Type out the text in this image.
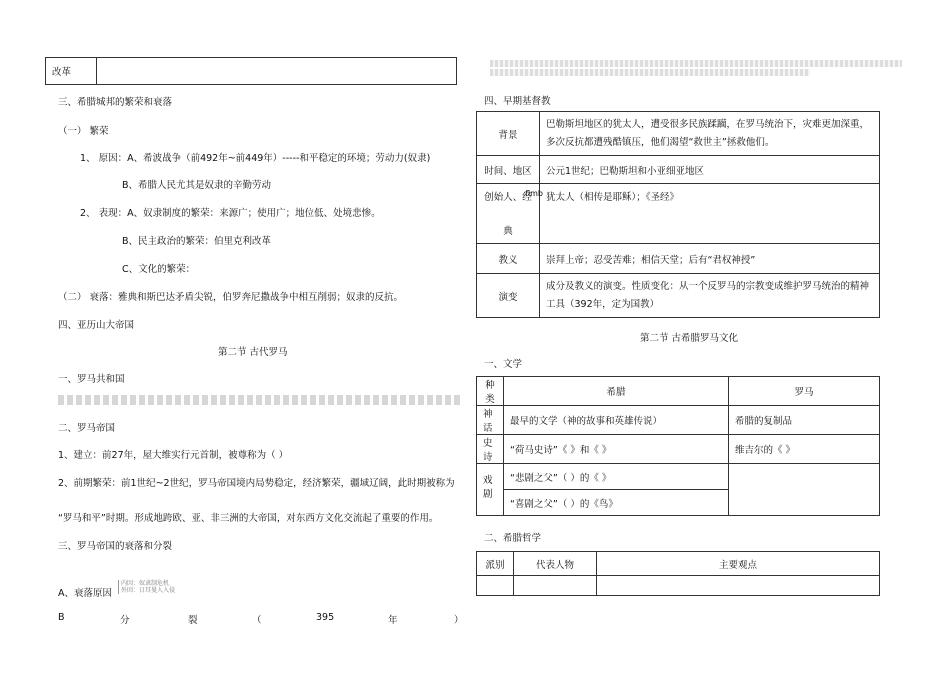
改革	
三、希腊城邦的繁荣和衰落
（一） 繁荣
1、 原因：A、希波战争（前492年~前449年）-----和平稳定的环境；劳动力(奴隶)
B、希腊人民尤其是奴隶的辛勤劳动
2、 表现：A、奴隶制度的繁荣：来源广；使用广；地位低、处境悲惨。
B、民主政治的繁荣：伯里克利改革
C、文化的繁荣：
（二） 衰落：雅典和斯巴达矛盾尖锐，伯罗奔尼撒战争中相互削弱；奴隶的反抗。
四、亚历山大帝国
第二节 古代罗马
一、罗马共和国
二、罗马帝国
1、建立：前27年，屋大维实行元首制，被尊称为（ ）
2、前期繁荣：前1世纪~2世纪，罗马帝国境内局势稳定，经济繁荣，疆域辽阔，此时期被称为
“罗马和平”时期。形成地跨欧、亚、非三洲的大帝国，对东西方文化交流起了重要的作用。
三、罗马帝国的衰落和分裂
A、衰落原因
内因：奴隶制危机
外因：日耳曼人入侵
B	分	裂	（	395	年	）
四、早期基督教
背景	巴勒斯坦地区的犹太人，遭受很多民族蹂躏，在罗马统治下，灾难更加深重，多次反抗都遭残酷镇压，他们渴望“救世主”拯救他们。
时间、地区	公元1世纪；巴勒斯坦和小亚细亚地区

创始人、经
典
flmb	犹太人（相传是耶稣）；《圣经》
教义	崇拜上帝；忍受苦难；相信天堂；后有“君权神授”
演变	成分及教义的演变。性质变化：从一个反罗马的宗教变成维护罗马统治的精神工具（392年，定为国教）
第二节 古希腊罗马文化
一、文学
种类	希腊	罗马
神话	最早的文学（神的故事和英雄传说）	希腊的复制品
史诗	“荷马史诗”《 》和《 》	维吉尔的《 》
戏剧	“悲剧之父”（ ）的《 》	
	“喜剧之父”（ ）的《鸟》	
二、希腊哲学
派别	代表人物	主要观点
